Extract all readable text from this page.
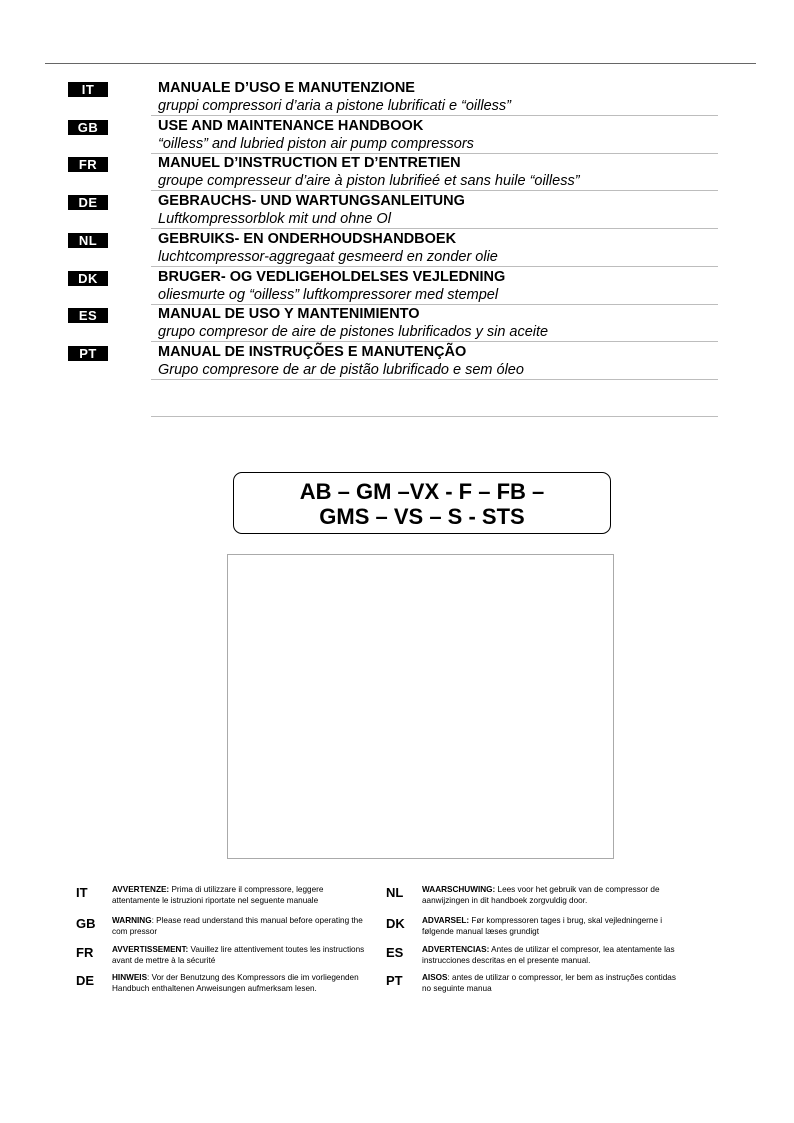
IT	MANUALE D’USO E MANUTENZIONE
gruppi compressori d’aria a pistone lubrificati e “oilless”
GB	USE AND MAINTENANCE HANDBOOK
“oilless” and lubried piston air pump compressors
FR	MANUEL D’INSTRUCTION ET D’ENTRETIEN
groupe compresseur d’aire à piston lubrifieé et sans huile “oilless”
DE	GEBRAUCHS- UND WARTUNGSANLEITUNG
Luftkompressorblok mit und ohne Ol
NL	GEBRUIKS- EN ONDERHOUDSHANDBOEK
luchtcompressor-aggregaat gesmeerd en zonder olie
DK	BRUGER- OG VEDLIGEHOLDELSES VEJLEDNING
oliesmurte og “oilless” luftkompressorer med stempel
ES	MANUAL DE USO Y MANTENIMIENTO
grupo compresor de aire de pistones lubrificados y sin aceite
PT	MANUAL DE INSTRUÇÕES E MANUTENÇÃO
Grupo compresore de ar de pistão lubrificado e sem óleo
AB – GM –VX - F – FB –
GMS – VS – S - STS
IT	AVVERTENZE: Prima di utilizzare il compressore, leggere attentamente le istruzioni riportate nel seguente manuale
GB WARNING: Please read understand this manual before operating the com pressor
FR AVVERTISSEMENT: Vauillez lire attentivement toutes les instructions avant de mettre à la sécurité
DE HINWEIS: Vor der Benutzung des Kompressors die im vorliegenden Handbuch enthaltenen Anweisungen aufmerksam lesen.
NL WAARSCHUWING: Lees voor het gebruik van de compressor de aanwijzingen in dit handboek zorgvuldig door.
DK ADVARSEL: Før kompressoren tages i brug, skal vejledningerne i følgende manual læses grundigt
ES ADVERTENCIAS: Antes de utilizar el compresor, lea atentamente las instrucciones descritas en el presente manual.
PT AISOS: antes de utilizar o compressor, ler bem as instruções contidas no seguinte manua
